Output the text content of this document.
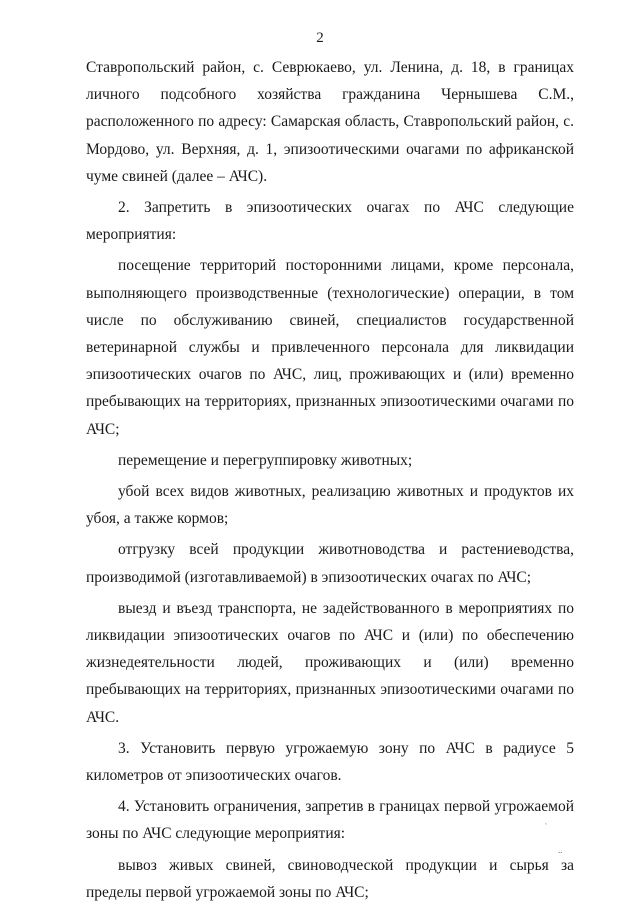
2

Ставропольский район, с. Севрюкаево, ул. Ленина, д. 18, в границах личного подсобного хозяйства гражданина Чернышева С.М., расположенного по адресу: Самарская область, Ставропольский район, с. Мордово, ул. Верхняя, д. 1, эпизоотическими очагами по африканской чуме свиней (далее – АЧС).

2. Запретить в эпизоотических очагах по АЧС следующие мероприятия:

посещение территорий посторонними лицами, кроме персонала, выполняющего производственные (технологические) операции, в том числе по обслуживанию свиней, специалистов государственной ветеринарной службы и привлеченного персонала для ликвидации эпизоотических очагов по АЧС, лиц, проживающих и (или) временно пребывающих на территориях, признанных эпизоотическими очагами по АЧС;

перемещение и перегруппировку животных;

убой всех видов животных, реализацию животных и продуктов их убоя, а также кормов;

отгрузку всей продукции животноводства и растениеводства, производимой (изготавливаемой) в эпизоотических очагах по АЧС;

выезд и въезд транспорта, не задействованного в мероприятиях по ликвидации эпизоотических очагов по АЧС и (или) по обеспечению жизнедеятельности людей, проживающих и (или) временно пребывающих на территориях, признанных эпизоотическими очагами по АЧС.

3. Установить первую угрожаемую зону по АЧС в радиусе 5 километров от эпизоотических очагов.

4. Установить ограничения, запретив в границах первой угрожаемой зоны по АЧС следующие мероприятия:

вывоз живых свиней, свиноводческой продукции и сырья за пределы первой угрожаемой зоны по АЧС;

`
..
